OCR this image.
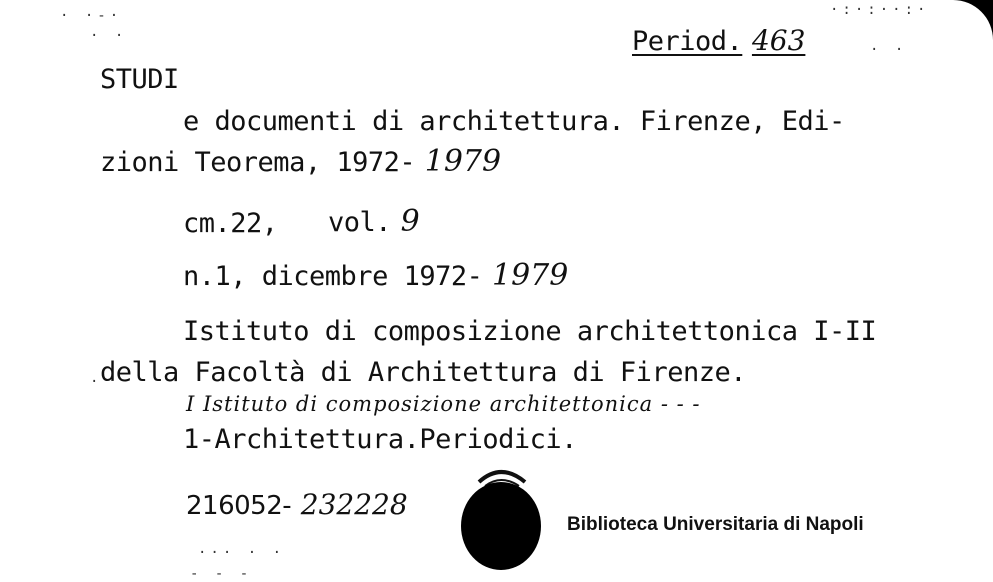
Period. 463
STUDI
e documenti di architettura. Firenze, Edi-
zioni Teorema, 1972- 1979
cm.22, vol. 9
n.1, dicembre 1972- 1979
Istituto di composizione architettonica I-II
della Facoltà di Architettura di Firenze.
I Istituto di composizione architettonica - - -
1-Architettura.Periodici.
216052- 232228
Biblioteca Universitaria di Napoli
· ·-·
· ·
·:·:··:·
· ·
··· · ·
- - -
·
